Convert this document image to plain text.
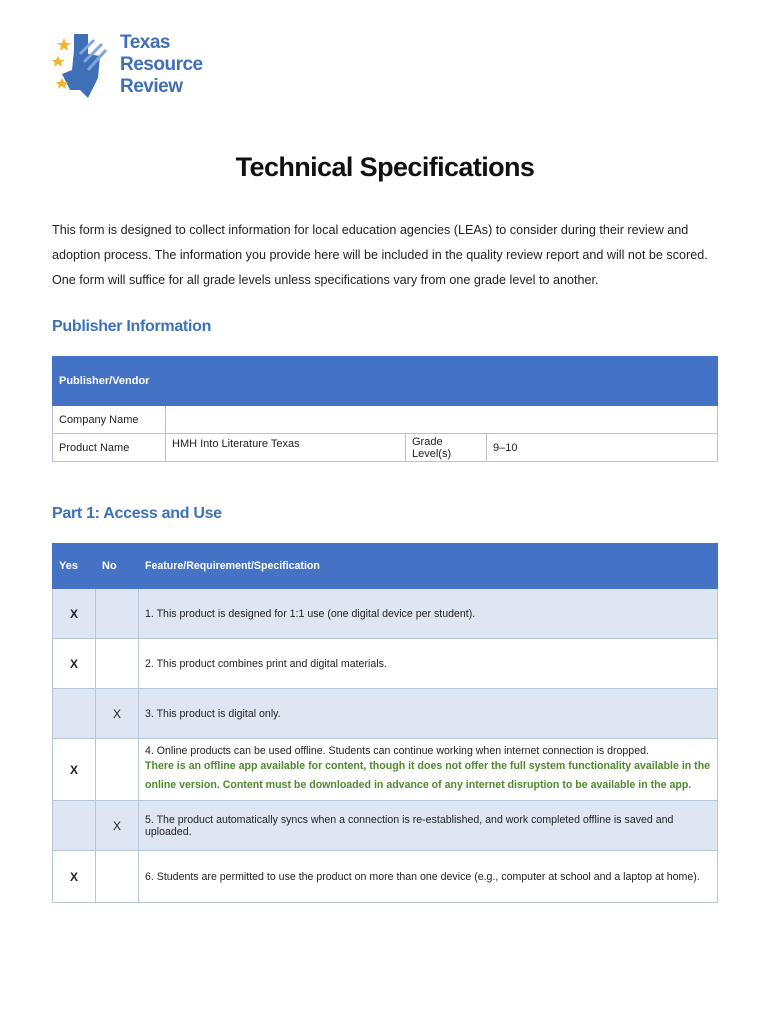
Texas
Resource
Review
Technical Specifications
This form is designed to collect information for local education agencies (LEAs) to consider during their review and adoption process. The information you provide here will be included in the quality review report and will not be scored. One form will suffice for all grade levels unless specifications vary from one grade level to another.
Publisher Information
Publisher/Vendor			
Company Name			
Product Name	HMH Into Literature Texas	Grade Level(s)	9–10
Part 1: Access and Use
Yes	No	Feature/Requirement/Specification
X		1. This product is designed for 1:1 use (one digital device per student).
X		2. This product combines print and digital materials.
	X	3. This product is digital only.
X		4. Online products can be used offline. Students can continue working when internet connection is dropped.
There is an offline app available for content, though it does not offer the full system functionality available in the online version. Content must be downloaded in advance of any internet disruption to be available in the app.

	X	5. The product automatically syncs when a connection is re-established, and work completed offline is saved and uploaded.
X		6. Students are permitted to use the product on more than one device (e.g., computer at school and a laptop at home).
